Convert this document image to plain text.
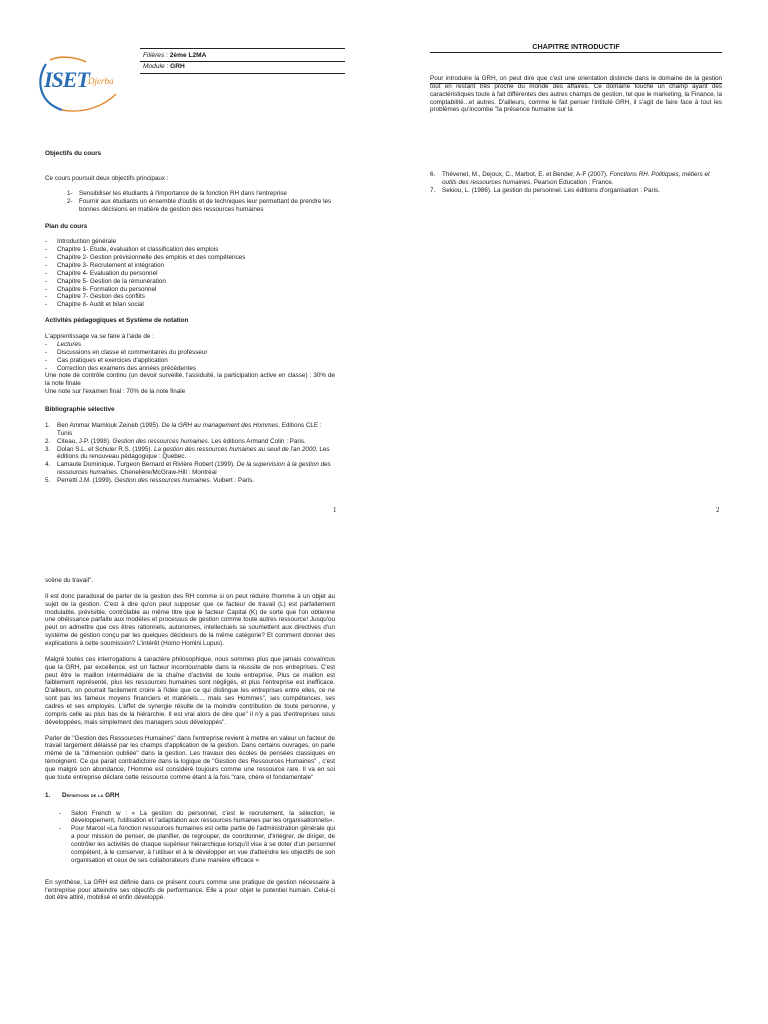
ISET Djerba
Filières : 2ème L2MA
Module : GRH
Objectifs du cours
Ce cours poursuit deux objectifs principaux :
1- Sensibiliser les étudiants à l'importance de la fonction RH dans l'entreprise
2- Fournir aux étudiants un ensemble d'outils et de techniques leur permettant de prendre les bonnes décisions en matière de gestion des ressources humaines
Plan du cours
- Introduction générale
- Chapitre 1- Etude, évaluation et classification des emplois
- Chapitre 2- Gestion prévisionnelle des emplois et des compétences
- Chapitre 3- Recrutement et intégration
- Chapitre 4- Evaluation du personnel
- Chapitre 5- Gestion de la rémunération
- Chapitre 6- Formation du personnel
- Chapitre 7- Gestion des conflits
- Chapitre 8- Audit et bilan social
Activités pédagogiques et Système de notation
L'apprentissage va se faire à l'aide de :
- Lectures
- Discussions en classe et commentaires du professeur
- Cas pratiques et exercices d'application
- Correction des examens des années précédentes
Une note de contrôle continu (un devoir surveillé, l'assiduité, la participation active en classe) : 30% de la note finale
Une note sur l'examen final : 70% de la note finale
Bibliographie sélective
1. Ben Ammar Mamlouk Zeineb (1995). De la GRH au management des Hommes. Editions CLE : Tunis
2. Citeau, J-P. (1998). Gestion des ressources humaines. Les éditions Armand Colin : Paris.
3. Dolan S.L. et Schuler R.S. (1995). La gestion des ressources humaines au seuil de l'an 2000. Les éditions du renouveau pédagogique : Quebec.
4. Lamaute Dominique, Turgeon Bernard et Rivière Robert (1999). De la supervision à la gestion des ressources humaines. Chenelière/McGraw-Hill : Montréal
5. Perretti J.M. (1999). Gestion des ressources humaines. Vuibert : Paris.
1
CHAPITRE INTRODUCTIF
Pour introduire la GRH, on peut dire que c'est une orientation distincte dans le domaine de la gestion tout en restant très proche du monde des affaires. Ce domaine touche un champ ayant des caractéristiques toute à fait différentes des autres champs de gestion, tel que le marketing, la Finance, la comptabilité...et autres. D'ailleurs, comme le fait penser l'intitulé GRH, il s'agit de faire face à tout les problèmes qu'incombe "la présence humaine sur la
6. Thévenet, M., Dejoux, C., Marbot, E. et Bender, A-F (2007). Fonctions RH. Politiques, métiers et outils des ressources humaines. Pearson Education : France.
7. Sekiou, L. (1986). La gestion du personnel. Les éditions d'organisation : Paris.
2
scène du travail".
Il est donc paradoxal de parler de la gestion des RH comme si on peut réduire l'homme à un objet au sujet de la gestion. C'est à dire qu'on peut supposer que ce facteur de travail (L) est parfaitement modulable, prévisible, contrôlable au même titre que le facteur Capital (K) de sorte que l'on obtienne une obéissance parfaite aux modèles et processus de gestion comme toute autres ressource! Jusqu'ou peut on admettre que ces êtres rationnels, autonomes, intellectuels se soumettent aux directives d'un système de gestion conçu par les quelques décideurs de la même catégorie? Et comment donner des explications à cette soumission? L'intérêt (Homo Homini Lupus).
Malgré toutes ces interrogations à caractère philosophique, nous sommes plus que jamais convaincus que la GRH, par excellence, est un facteur incontournable dans la réussite de nos entreprises. C'est peut être le maillon intermédiaire de la chaîne d'activité de toute entreprise. Plus ce maillon est faiblement représenté, plus les ressources humaines sont négligés, et plus l'entreprise est inefficace. D'ailleurs, on pourrait facilement croire à l'idée que ce qui distingue les entreprises entre elles, ce ne sont pas les fameux moyens financiers et matériels..., mais ses Hommes", ses compétences, ses cadres et ses employés. L'effet de synergie résulte de la moindre contribution de toute personne, y compris celle au plus bas de la hiérarchie. Il est vrai alors de dire que" il n'y a pas d'entreprises sous développées, mais simplement des managers sous développés".
Parler de "Gestion des Ressources Humaines" dans l'entreprise revient à mettre en valeur un facteur de travail largement délaissé par les champs d'application de la gestion. Dans certains ouvrages, on parle même de la "dimension oubliée" dans la gestion. Les travaux des écoles de pensées classiques en témoignent. Ce qui parait contradictoire dans la logique de "Gestion des Ressources Humaines" , c'est que malgré son abondance, l'Homme est considéré toujours comme une ressource rare. Il va en soi que toute entreprise déclare cette ressource comme étant à la fois "rare, chère et fondamentale"
1. Définitions de la GRH
- Selon French w : « La gestion du personnel, c'est le recrutement, la sélection, le développement, l'utilisation et l'adaptation aux ressources humaines par les organisationnels».
- Pour Marcel «La fonction ressources humaines est cette partie de l'administration générale qui a pour mission de penser, de planifier, de regrouper, de coordonner, d'intégrer, de diriger, de contrôler les activités de chaque supérieur hiérarchique lorsqu'il vise à se doter d'un personnel compétent, à le conserver, à l'utiliser et à le développer en vue d'atteindre les objectifs de son organisation et ceux de ses collaborateurs d'une manière efficace »
En synthèse, La GRH est définie dans ce présent cours comme une pratique de gestion nécessaire à l'entreprise pour atteindre ses objectifs de performance. Elle a pour objet le potentiel humain. Celui-ci doit être attiré, mobilisé et enfin développé.
